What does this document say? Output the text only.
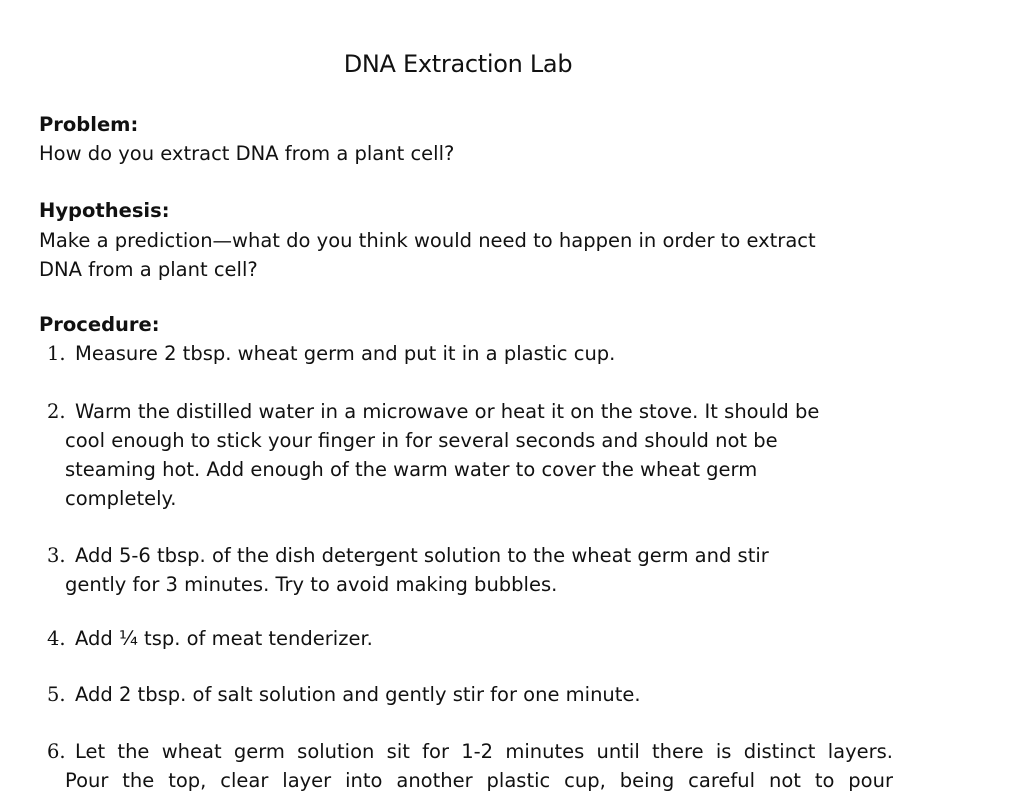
DNA Extraction Lab
Problem:
How do you extract DNA from a plant cell?
Hypothesis:
Make a prediction—what do you think would need to happen in order to extract
DNA from a plant cell?
Procedure:
1. Measure 2 tbsp. wheat germ and put it in a plastic cup.
2. Warm the distilled water in a microwave or heat it on the stove. It should be
cool enough to stick your finger in for several seconds and should not be
steaming hot. Add enough of the warm water to cover the wheat germ
completely.
3. Add 5-6 tbsp. of the dish detergent solution to the wheat germ and stir
gently for 3 minutes. Try to avoid making bubbles.
4. Add ¼ tsp. of meat tenderizer.
5. Add 2 tbsp. of salt solution and gently stir for one minute.
6. Let the wheat germ solution sit for 1-2 minutes until there is distinct layers.
Pour the top, clear layer into another plastic cup, being careful not to pour
